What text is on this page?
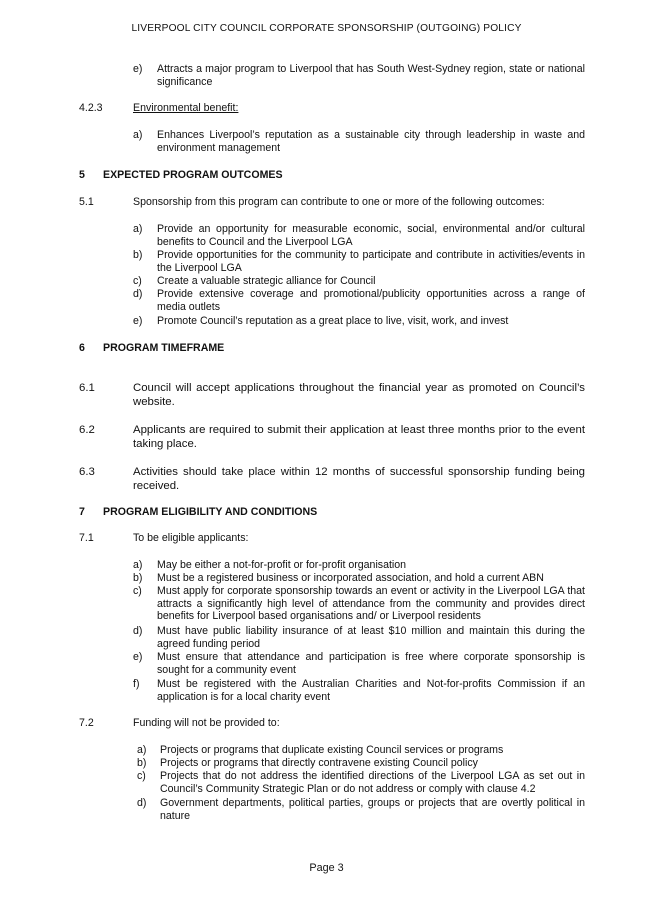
LIVERPOOL CITY COUNCIL CORPORATE SPONSORSHIP (OUTGOING) POLICY
e) Attracts a major program to Liverpool that has South West-Sydney region, state or national significance
4.2.3	Environmental benefit:
a) Enhances Liverpool’s reputation as a sustainable city through leadership in waste and environment management
5 EXPECTED PROGRAM OUTCOMES
5.1	Sponsorship from this program can contribute to one or more of the following outcomes:
a) Provide an opportunity for measurable economic, social, environmental and/or cultural benefits to Council and the Liverpool LGA
b) Provide opportunities for the community to participate and contribute in activities/events in the Liverpool LGA
c) Create a valuable strategic alliance for Council
d) Provide extensive coverage and promotional/publicity opportunities across a range of media outlets
e) Promote Council’s reputation as a great place to live, visit, work, and invest
6 PROGRAM TIMEFRAME
6.1	Council will accept applications throughout the financial year as promoted on Council’s website.
6.2	Applicants are required to submit their application at least three months prior to the event taking place.
6.3	Activities should take place within 12 months of successful sponsorship funding being received.
7 PROGRAM ELIGIBILITY AND CONDITIONS
7.1	To be eligible applicants:
a) May be either a not-for-profit or for-profit organisation
b) Must be a registered business or incorporated association, and hold a current ABN
c) Must apply for corporate sponsorship towards an event or activity in the Liverpool LGA that attracts a significantly high level of attendance from the community and provides direct benefits for Liverpool based organisations and/ or Liverpool residents
d) Must have public liability insurance of at least $10 million and maintain this during the agreed funding period
e) Must ensure that attendance and participation is free where corporate sponsorship is sought for a community event
f) Must be registered with the Australian Charities and Not-for-profits Commission if an application is for a local charity event
7.2	Funding will not be provided to:
a) Projects or programs that duplicate existing Council services or programs
b) Projects or programs that directly contravene existing Council policy
c) Projects that do not address the identified directions of the Liverpool LGA as set out in Council’s Community Strategic Plan or do not address or comply with clause 4.2
d) Government departments, political parties, groups or projects that are overtly political in nature
Page 3
